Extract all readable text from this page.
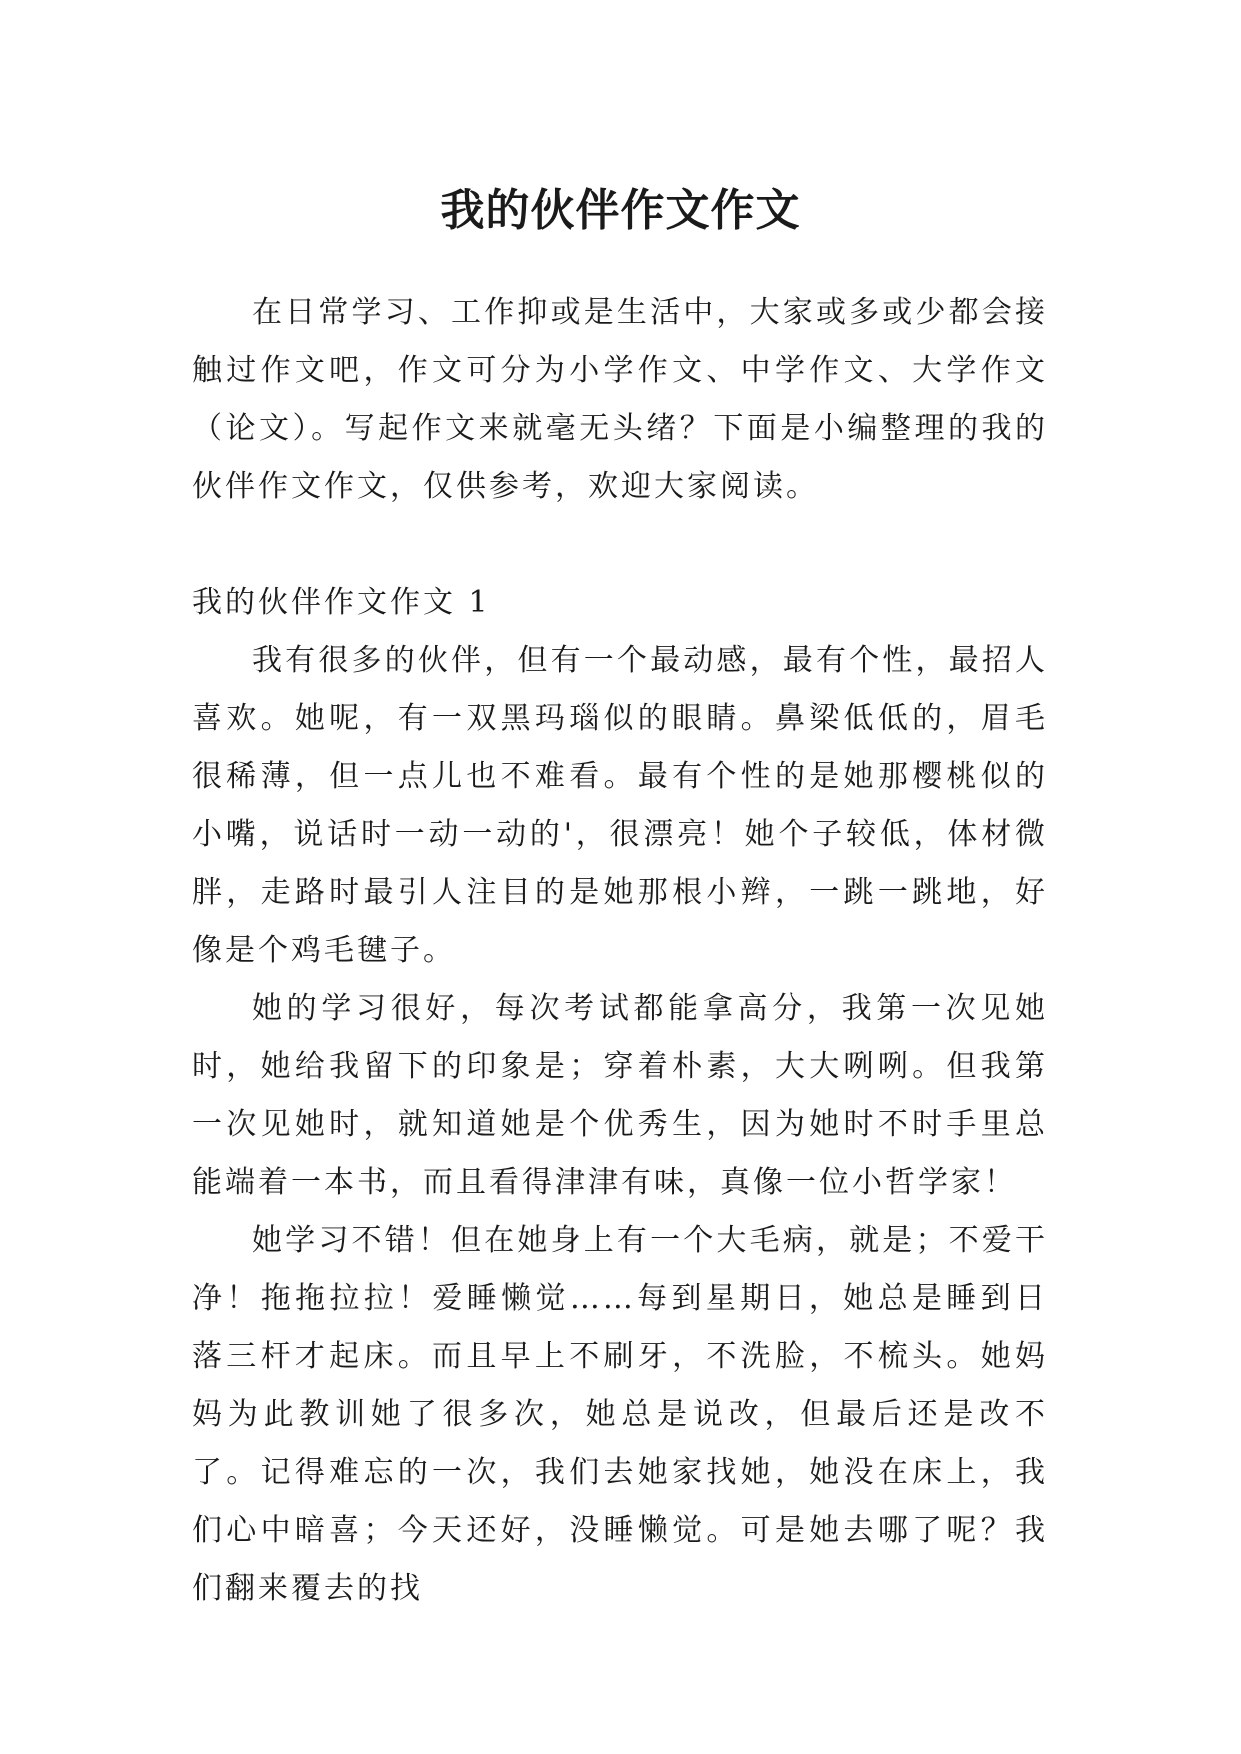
我的伙伴作文作文

在日常学习、工作抑或是生活中，大家或多或少都会接触过作文吧，作文可分为小学作文、中学作文、大学作文（论文）。写起作文来就毫无头绪？下面是小编整理的我的伙伴作文作文，仅供参考，欢迎大家阅读。

我的伙伴作文作文 1

我有很多的伙伴，但有一个最动感，最有个性，最招人喜欢。她呢，有一双黑玛瑙似的眼睛。鼻梁低低的，眉毛很稀薄，但一点儿也不难看。最有个性的是她那樱桃似的小嘴，说话时一动一动的'，很漂亮！她个子较低，体材微胖，走路时最引人注目的是她那根小辫，一跳一跳地，好像是个鸡毛毽子。

她的学习很好，每次考试都能拿高分，我第一次见她时，她给我留下的印象是；穿着朴素，大大咧咧。但我第一次见她时，就知道她是个优秀生，因为她时不时手里总能端着一本书，而且看得津津有味，真像一位小哲学家！

她学习不错！但在她身上有一个大毛病，就是；不爱干净！拖拖拉拉！爱睡懒觉……每到星期日，她总是睡到日落三杆才起床。而且早上不刷牙，不洗脸，不梳头。她妈妈为此教训她了很多次，她总是说改，但最后还是改不了。记得难忘的一次，我们去她家找她，她没在床上，我们心中暗喜；今天还好，没睡懒觉。可是她去哪了呢？我们翻来覆去的找
